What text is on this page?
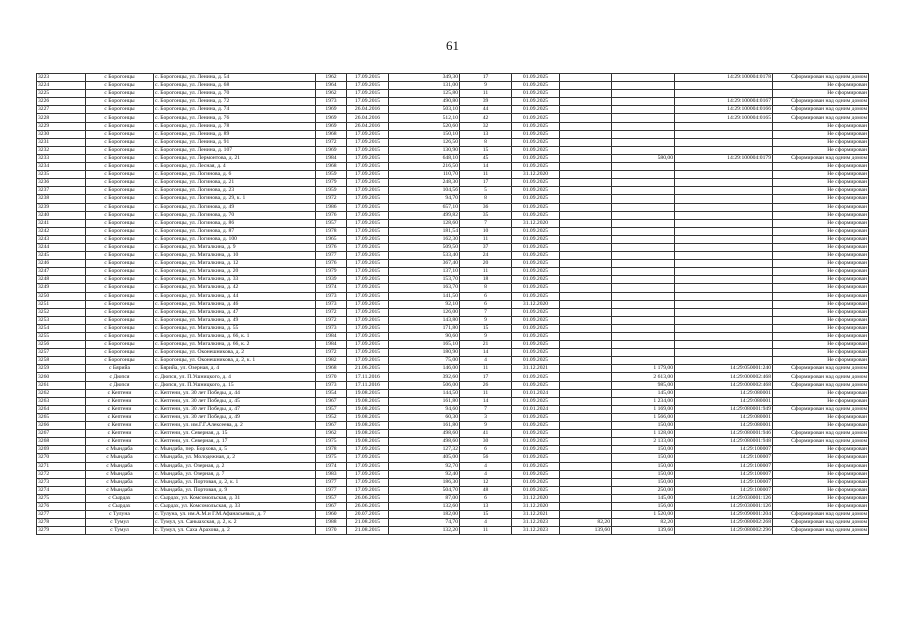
61
3223	с Борогонцы	с. Борогонцы, ул. Ленина, д. 54	1962	17.09.2015	349,30	17	01.09.2025			14:29:100004:0178	Сформирован над одним домом
3224	с Борогонцы	с. Борогонцы, ул. Ленина, д. 68	1964	17.09.2015	131,00	9	01.09.2025				Не сформирован
3225	с Борогонцы	с. Борогонцы, ул. Ленина, д. 70	1962	17.09.2015	125,80	11	01.09.2025				Не сформирован
3226	с Борогонцы	с. Борогонцы, ул. Ленина, д. 72	1973	17.09.2015	490,80	39	01.09.2025			14:29:100004:0167	Сформирован над одним домом
3227	с Борогонцы	с. Борогонцы, ул. Ленина, д. 74	1969	26.04.2016	503,10	44	01.09.2025			14:29:100004:0166	Сформирован над одним домом
3228	с Борогонцы	с. Борогонцы, ул. Ленина, д. 76	1969	26.04.2016	512,10	42	01.09.2025			14:29:100004:0165	Сформирован над одним домом
3229	с Борогонцы	с. Борогонцы, ул. Ленина, д. 78	1969	26.04.2016	520,60	32	01.09.2025				Не сформирован
3230	с Борогонцы	с. Борогонцы, ул. Ленина, д. 89	1968	17.09.2015	150,10	13	01.09.2025				Не сформирован
3231	с Борогонцы	с. Борогонцы, ул. Ленина, д. 91	1972	17.09.2015	126,50	8	01.09.2025				Не сформирован
3232	с Борогонцы	с. Борогонцы, ул. Ленина, д. 107	1969	17.09.2015	130,90	15	01.09.2025				Не сформирован
3233	с Борогонцы	с. Борогонцы, ул. Лермонтова, д. 21	1984	17.09.2015	648,10	45	01.09.2025		580,00	14:29:100004:0179	Сформирован над одним домом
3234	с Борогонцы	с. Борогонцы, ул. Лесная, д. 4	1968	17.09.2015	216,50	14	01.09.2025				Не сформирован
3235	с Борогонцы	с. Борогонцы, ул. Логинова, д. 6	1959	17.09.2015	110,70	11	31.12.2020				Не сформирован
3236	с Борогонцы	с. Борогонцы, ул. Логинова, д. 21	1979	17.09.2015	248,30	17	01.09.2025				Не сформирован
3237	с Борогонцы	с. Борогонцы, ул. Логинова, д. 23	1959	17.09.2015	104,56	5	01.09.2025				Не сформирован
3238	с Борогонцы	с. Борогонцы, ул. Логинова, д. 29, к. 1	1972	17.09.2015	94,70	8	01.09.2025				Не сформирован
3239	с Борогонцы	с. Борогонцы, ул. Логинова, д. 49	1986	17.09.2015	657,10	36	01.09.2025				Не сформирован
3240	с Борогонцы	с. Борогонцы, ул. Логинова, д. 70	1976	17.09.2015	499,82	35	01.09.2025				Не сформирован
3241	с Борогонцы	с. Борогонцы, ул. Логинова, д. 86	1957	17.09.2015	128,60	7	31.12.2020				Не сформирован
3242	с Борогонцы	с. Борогонцы, ул. Логинова, д. 87	1978	17.09.2015	181,54	10	01.09.2025				Не сформирован
3243	с Борогонцы	с. Борогонцы, ул. Логинова, д. 100	1965	17.09.2015	162,30	11	01.09.2025				Не сформирован
3244	с Борогонцы	с. Борогонцы, ул. Мигалкина, д. 9	1976	17.09.2015	509,50	37	01.09.2025				Не сформирован
3245	с Борогонцы	с. Борогонцы, ул. Мигалкина, д. 10	1977	17.09.2015	533,40	24	01.09.2025				Не сформирован
3246	с Борогонцы	с. Борогонцы, ул. Мигалкина, д. 12	1976	17.09.2015	367,40	20	01.09.2025				Не сформирован
3247	с Борогонцы	с. Борогонцы, ул. Мигалкина, д. 20	1979	17.09.2015	137,10	11	01.09.2025				Не сформирован
3248	с Борогонцы	с. Борогонцы, ул. Мигалкина, д. 33	1939	17.09.2015	153,70	18	01.09.2025				Не сформирован
3249	с Борогонцы	с. Борогонцы, ул. Мигалкина, д. 42	1974	17.09.2015	163,70	8	01.09.2025				Не сформирован
3250	с Борогонцы	с. Борогонцы, ул. Мигалкина, д. 44	1973	17.09.2015	141,50	6	01.09.2025				Не сформирован
3251	с Борогонцы	с. Борогонцы, ул. Мигалкина, д. 46	1973	17.09.2015	92,10	6	31.12.2020				Не сформирован
3252	с Борогонцы	с. Борогонцы, ул. Мигалкина, д. 47	1972	17.09.2015	126,00	7	01.09.2025				Не сформирован
3253	с Борогонцы	с. Борогонцы, ул. Мигалкина, д. 49	1972	17.09.2015	143,80	9	01.09.2025				Не сформирован
3254	с Борогонцы	с. Борогонцы, ул. Мигалкина, д. 55	1973	17.09.2015	171,80	15	01.09.2025				Не сформирован
3255	с Борогонцы	с. Борогонцы, ул. Мигалкина, д. 66, к. 1	1984	17.09.2015	90,60	9	01.09.2025				Не сформирован
3256	с Борогонцы	с. Борогонцы, ул. Мигалкина, д. 66, к. 2	1984	17.09.2015	165,10	21	01.09.2025				Не сформирован
3257	с Борогонцы	с. Борогонцы, ул. Оконешникова, д. 2	1972	17.09.2015	180,90	14	01.09.2025				Не сформирован
3258	с Борогонцы	с. Борогонцы, ул. Оконешникова, д. 2, к. 1	1982	17.09.2015	75,00	4	01.09.2025				Не сформирован
3259	с Бярийа	с. Бярийа, ул. Озерная, д. 4	1968	21.06.2015	146,00	11	31.12.2021		1 179,00	14:29:050001:240	Сформирован над одним домом
3260	с Дюпся	с. Дюпся, ул. П.Ушницкого, д. 4	1970	17.11.2016	392,60	17	01.09.2025		2 613,00	14:29:000002:468	Сформирован над одним домом
3261	с Дюпся	с. Дюпся, ул. П.Ушницкого, д. 15	1973	17.11.2016	506,00	26	01.09.2025		985,00	14:29:000002:468	Сформирован над одним домом
3262	с Кептени	с. Кептени, ул. 30 лет Победы, д. 44	1954	19.08.2015	144,50	11	01.01.2024		145,00	14:29:080001	Не сформирован
3263	с Кептени	с. Кептени, ул. 30 лет Победы, д. 45	1967	19.08.2015	161,80	14	01.09.2025		1 234,00	14:29:080001	Не сформирован
3264	с Кептени	с. Кептени, ул. 30 лет Победы, д. 47	1957	19.08.2015	94,60	7	01.01.2024		1 169,00	14:29:080001:949	Сформирован над одним домом
3265	с Кептени	с. Кептени, ул. 30 лет Победы, д. 49	1952	19.08.2015	60,30	3	01.09.2025		1 566,00	14:29:080001	Не сформирован
3266	с Кептени	с. Кептени, ул. им.Г.Г.Алексеева, д. 2	1967	19.08.2015	161,80	9	01.09.2025		150,00	14:29:080001	Не сформирован
3267	с Кептени	с. Кептени, ул. Северная, д. 15	1962	19.08.2015	498,60	41	01.09.2025		1 128,00	14:29:080001:946	Сформирован над одним домом
3268	с Кептени	с. Кептени, ул. Северная, д. 17	1975	19.08.2015	498,60	30	01.09.2025		2 133,00	14:29:080001:948	Сформирован над одним домом
3269	с Мындаба	с. Мындаба, пер. Борхова, д. 5	1978	17.09.2015	127,32	6	01.09.2025		150,00	14:29:100007	Не сформирован
3270	с Мындаба	с. Мындаба, ул. Молодежная, д. 2	1975	17.09.2015	405,00	56	01.09.2025		150,00	14:29:100007	Не сформирован
3271	с Мындаба	с. Мындаба, ул. Озерная, д. 2	1974	17.09.2015	92,70	4	01.09.2025		150,00	14:29:100007	Не сформирован
3272	с Мындаба	с. Мындаба, ул. Озерная, д. 7	1983	17.09.2015	92,40	4	01.09.2025		150,00	14:29:100007	Не сформирован
3273	с Мындаба	с. Мындаба, ул. Портовая, д. 2, к. 1	1977	17.09.2015	186,30	12	01.09.2025		150,00	14:29:100007	Не сформирован
3274	с Мындаба	с. Мындаба, ул. Портовая, д. 9	1977	17.09.2015	504,70	48	01.09.2025		250,00	14:29:100007	Не сформирован
3275	с Сырдах	с. Сырдах, ул. Комсомольская, д. 31	1957	26.06.2015	87,00	6	31.12.2020		145,00	14:29:030001:126	Не сформирован
3276	с Сырдах	с. Сырдах, ул. Комсомольская, д. 33	1967	26.06.2015	132,60	13	31.12.2020		156,00	14:29:030001:126	Не сформирован
3277	с Тулуна	с. Тулуна, ул. им.А.М.и Г.М.Афанасьевых, д. 7	1960	20.07.2015	182,00	15	31.12.2021		1 520,00	14:29:090001:204	Сформирован над одним домом
3278	с Тумул	с. Тумул, ул. Саныахская, д. 2, к. 2	1988	21.08.2015	74,70	4	31.12.2023	82,20	82,20	14:29:080002:268	Сформирован над одним домом
3279	с Тумул	с. Тумул, ул. Саха Арахова, д. 2	1970	21.08.2015	132,20	11	31.12.2023	139,60	139,60	14:29:080002:296	Сформирован над одним домом
